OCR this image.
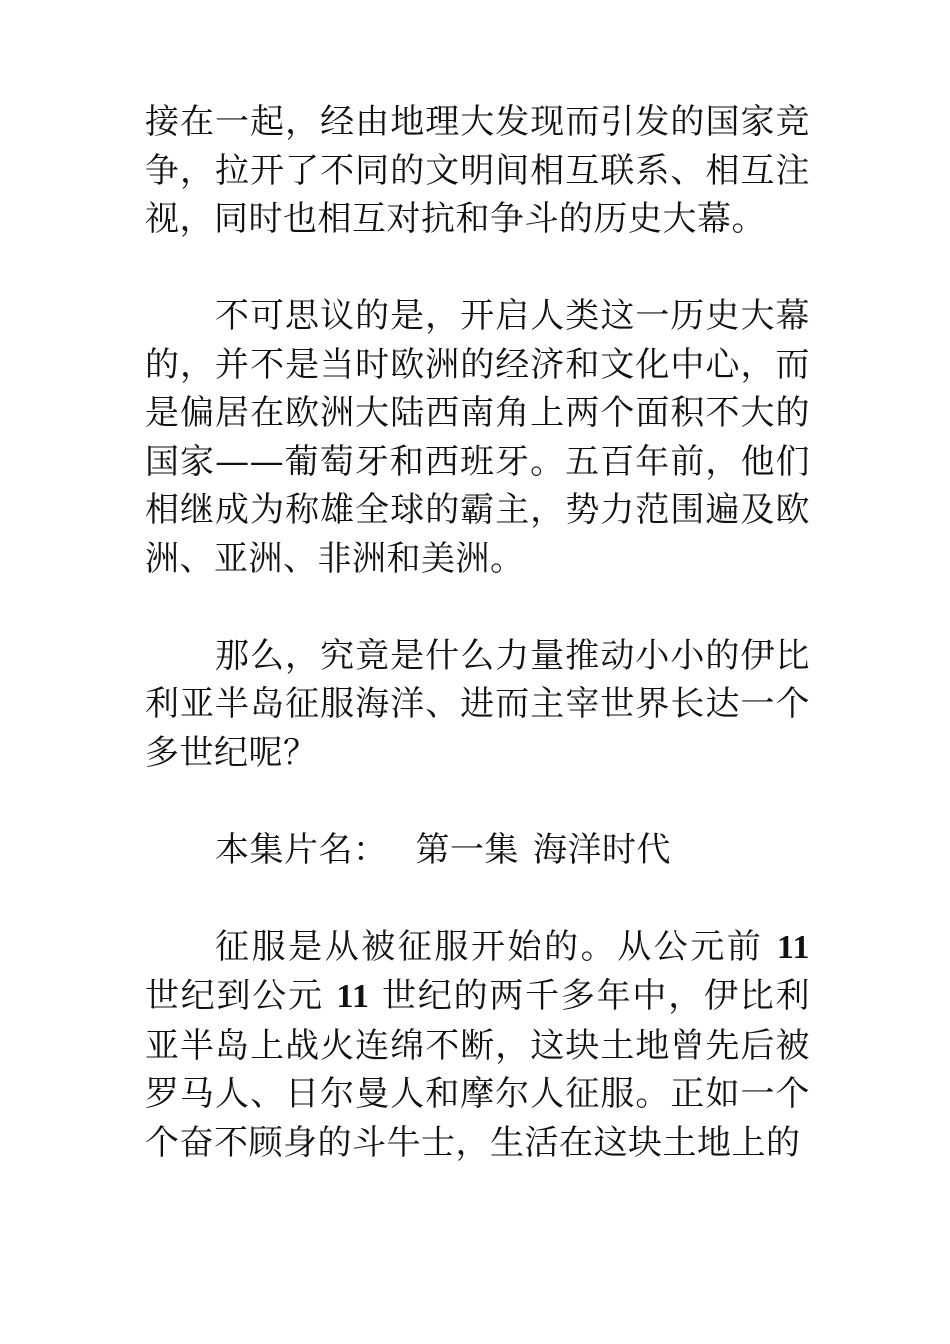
接在一起，经由地理大发现而引发的国家竞争，拉开了不同的文明间相互联系、相互注视，同时也相互对抗和争斗的历史大幕。

不可思议的是，开启人类这一历史大幕的，并不是当时欧洲的经济和文化中心，而是偏居在欧洲大陆西南角上两个面积不大的国家——葡萄牙和西班牙。五百年前，他们相继成为称雄全球的霸主，势力范围遍及欧洲、亚洲、非洲和美洲。

那么，究竟是什么力量推动小小的伊比利亚半岛征服海洋、进而主宰世界长达一个多世纪呢？

本集片名： 第一集 海洋时代

征服是从被征服开始的。从公元前 11世纪到公元 11 世纪的两千多年中，伊比利亚半岛上战火连绵不断，这块土地曾先后被罗马人、日尔曼人和摩尔人征服。正如一个个奋不顾身的斗牛士，生活在这块土地上的
